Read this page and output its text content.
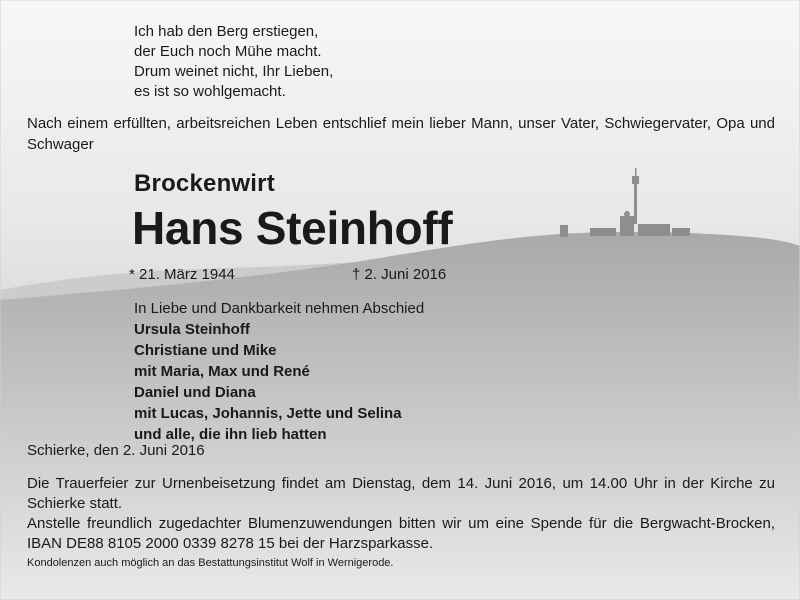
Ich hab den Berg erstiegen,
der Euch noch Mühe macht.
Drum weinet nicht, Ihr Lieben,
es ist so wohlgemacht.
Nach einem erfüllten, arbeitsreichen Leben entschlief mein lieber Mann, unser Vater, Schwiegervater, Opa und Schwager
Brockenwirt
Hans Steinhoff
* 21. März 1944	† 2. Juni 2016
In Liebe und Dankbarkeit nehmen Abschied
Ursula Steinhoff
Christiane und Mike
mit Maria, Max und René
Daniel und Diana
mit Lucas, Johannis, Jette und Selina
und alle, die ihn lieb hatten
Schierke, den 2. Juni 2016
Die Trauerfeier zur Urnenbeisetzung findet am Dienstag, dem 14. Juni 2016, um 14.00 Uhr in der Kirche zu Schierke statt.
Anstelle freundlich zugedachter Blumenzuwendungen bitten wir um eine Spende für die Bergwacht-Brocken, IBAN DE88 8105 2000 0339 8278 15 bei der Harzsparkasse.
Kondolenzen auch möglich an das Bestattungsinstitut Wolf in Wernigerode.
